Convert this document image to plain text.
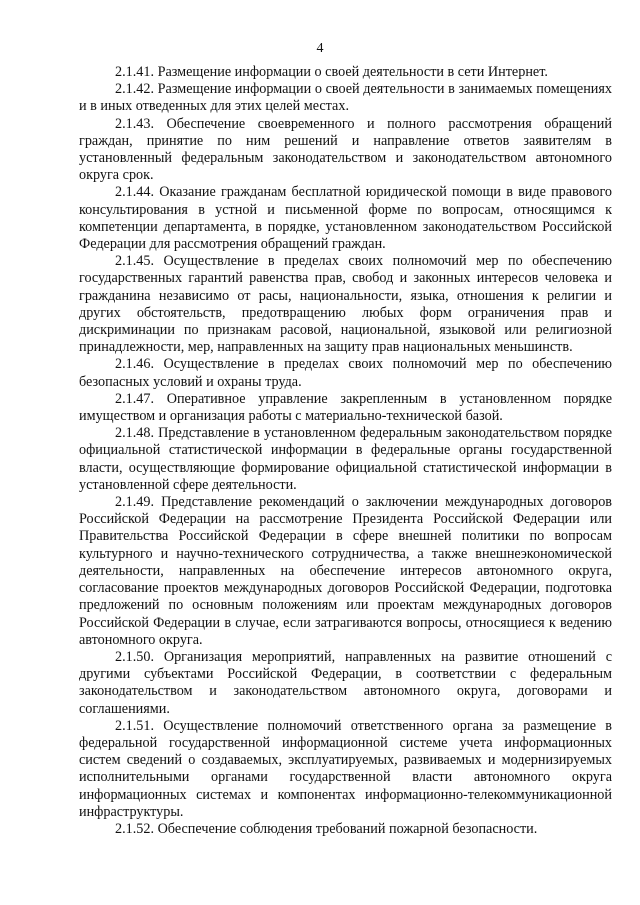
4

2.1.41. Размещение информации о своей деятельности в сети Интернет.

2.1.42. Размещение информации о своей деятельности в занимаемых помещениях и в иных отведенных для этих целей местах.

2.1.43. Обеспечение своевременного и полного рассмотрения обращений граждан, принятие по ним решений и направление ответов заявителям в установленный федеральным законодательством и законодательством автономного округа срок.

2.1.44. Оказание гражданам бесплатной юридической помощи в виде правового консультирования в устной и письменной форме по вопросам, относящимся к компетенции департамента, в порядке, установленном законодательством Российской Федерации для рассмотрения обращений граждан.

2.1.45. Осуществление в пределах своих полномочий мер по обеспечению государственных гарантий равенства прав, свобод и законных интересов человека и гражданина независимо от расы, национальности, языка, отношения к религии и других обстоятельств, предотвращению любых форм ограничения прав и дискриминации по признакам расовой, национальной, языковой или религиозной принадлежности, мер, направленных на защиту прав национальных меньшинств.

2.1.46. Осуществление в пределах своих полномочий мер по обеспечению безопасных условий и охраны труда.

2.1.47. Оперативное управление закрепленным в установленном порядке имуществом и организация работы с материально-технической базой.

2.1.48. Представление в установленном федеральным законодательством порядке официальной статистической информации в федеральные органы государственной власти, осуществляющие формирование официальной статистической информации в установленной сфере деятельности.

2.1.49. Представление рекомендаций о заключении международных договоров Российской Федерации на рассмотрение Президента Российской Федерации или Правительства Российской Федерации в сфере внешней политики по вопросам культурного и научно-технического сотрудничества, а также внешнеэкономической деятельности, направленных на обеспечение интересов автономного округа, согласование проектов международных договоров Российской Федерации, подготовка предложений по основным положениям или проектам международных договоров Российской Федерации в случае, если затрагиваются вопросы, относящиеся к ведению автономного округа.

2.1.50. Организация мероприятий, направленных на развитие отношений с другими субъектами Российской Федерации, в соответствии с федеральным законодательством и законодательством автономного округа, договорами и соглашениями.

2.1.51. Осуществление полномочий ответственного органа за размещение в федеральной государственной информационной системе учета информационных систем сведений о создаваемых, эксплуатируемых, развиваемых и модернизируемых исполнительными органами государственной власти автономного округа информационных системах и компонентах информационно-телекоммуникационной инфраструктуры.

2.1.52. Обеспечение соблюдения требований пожарной безопасности.
